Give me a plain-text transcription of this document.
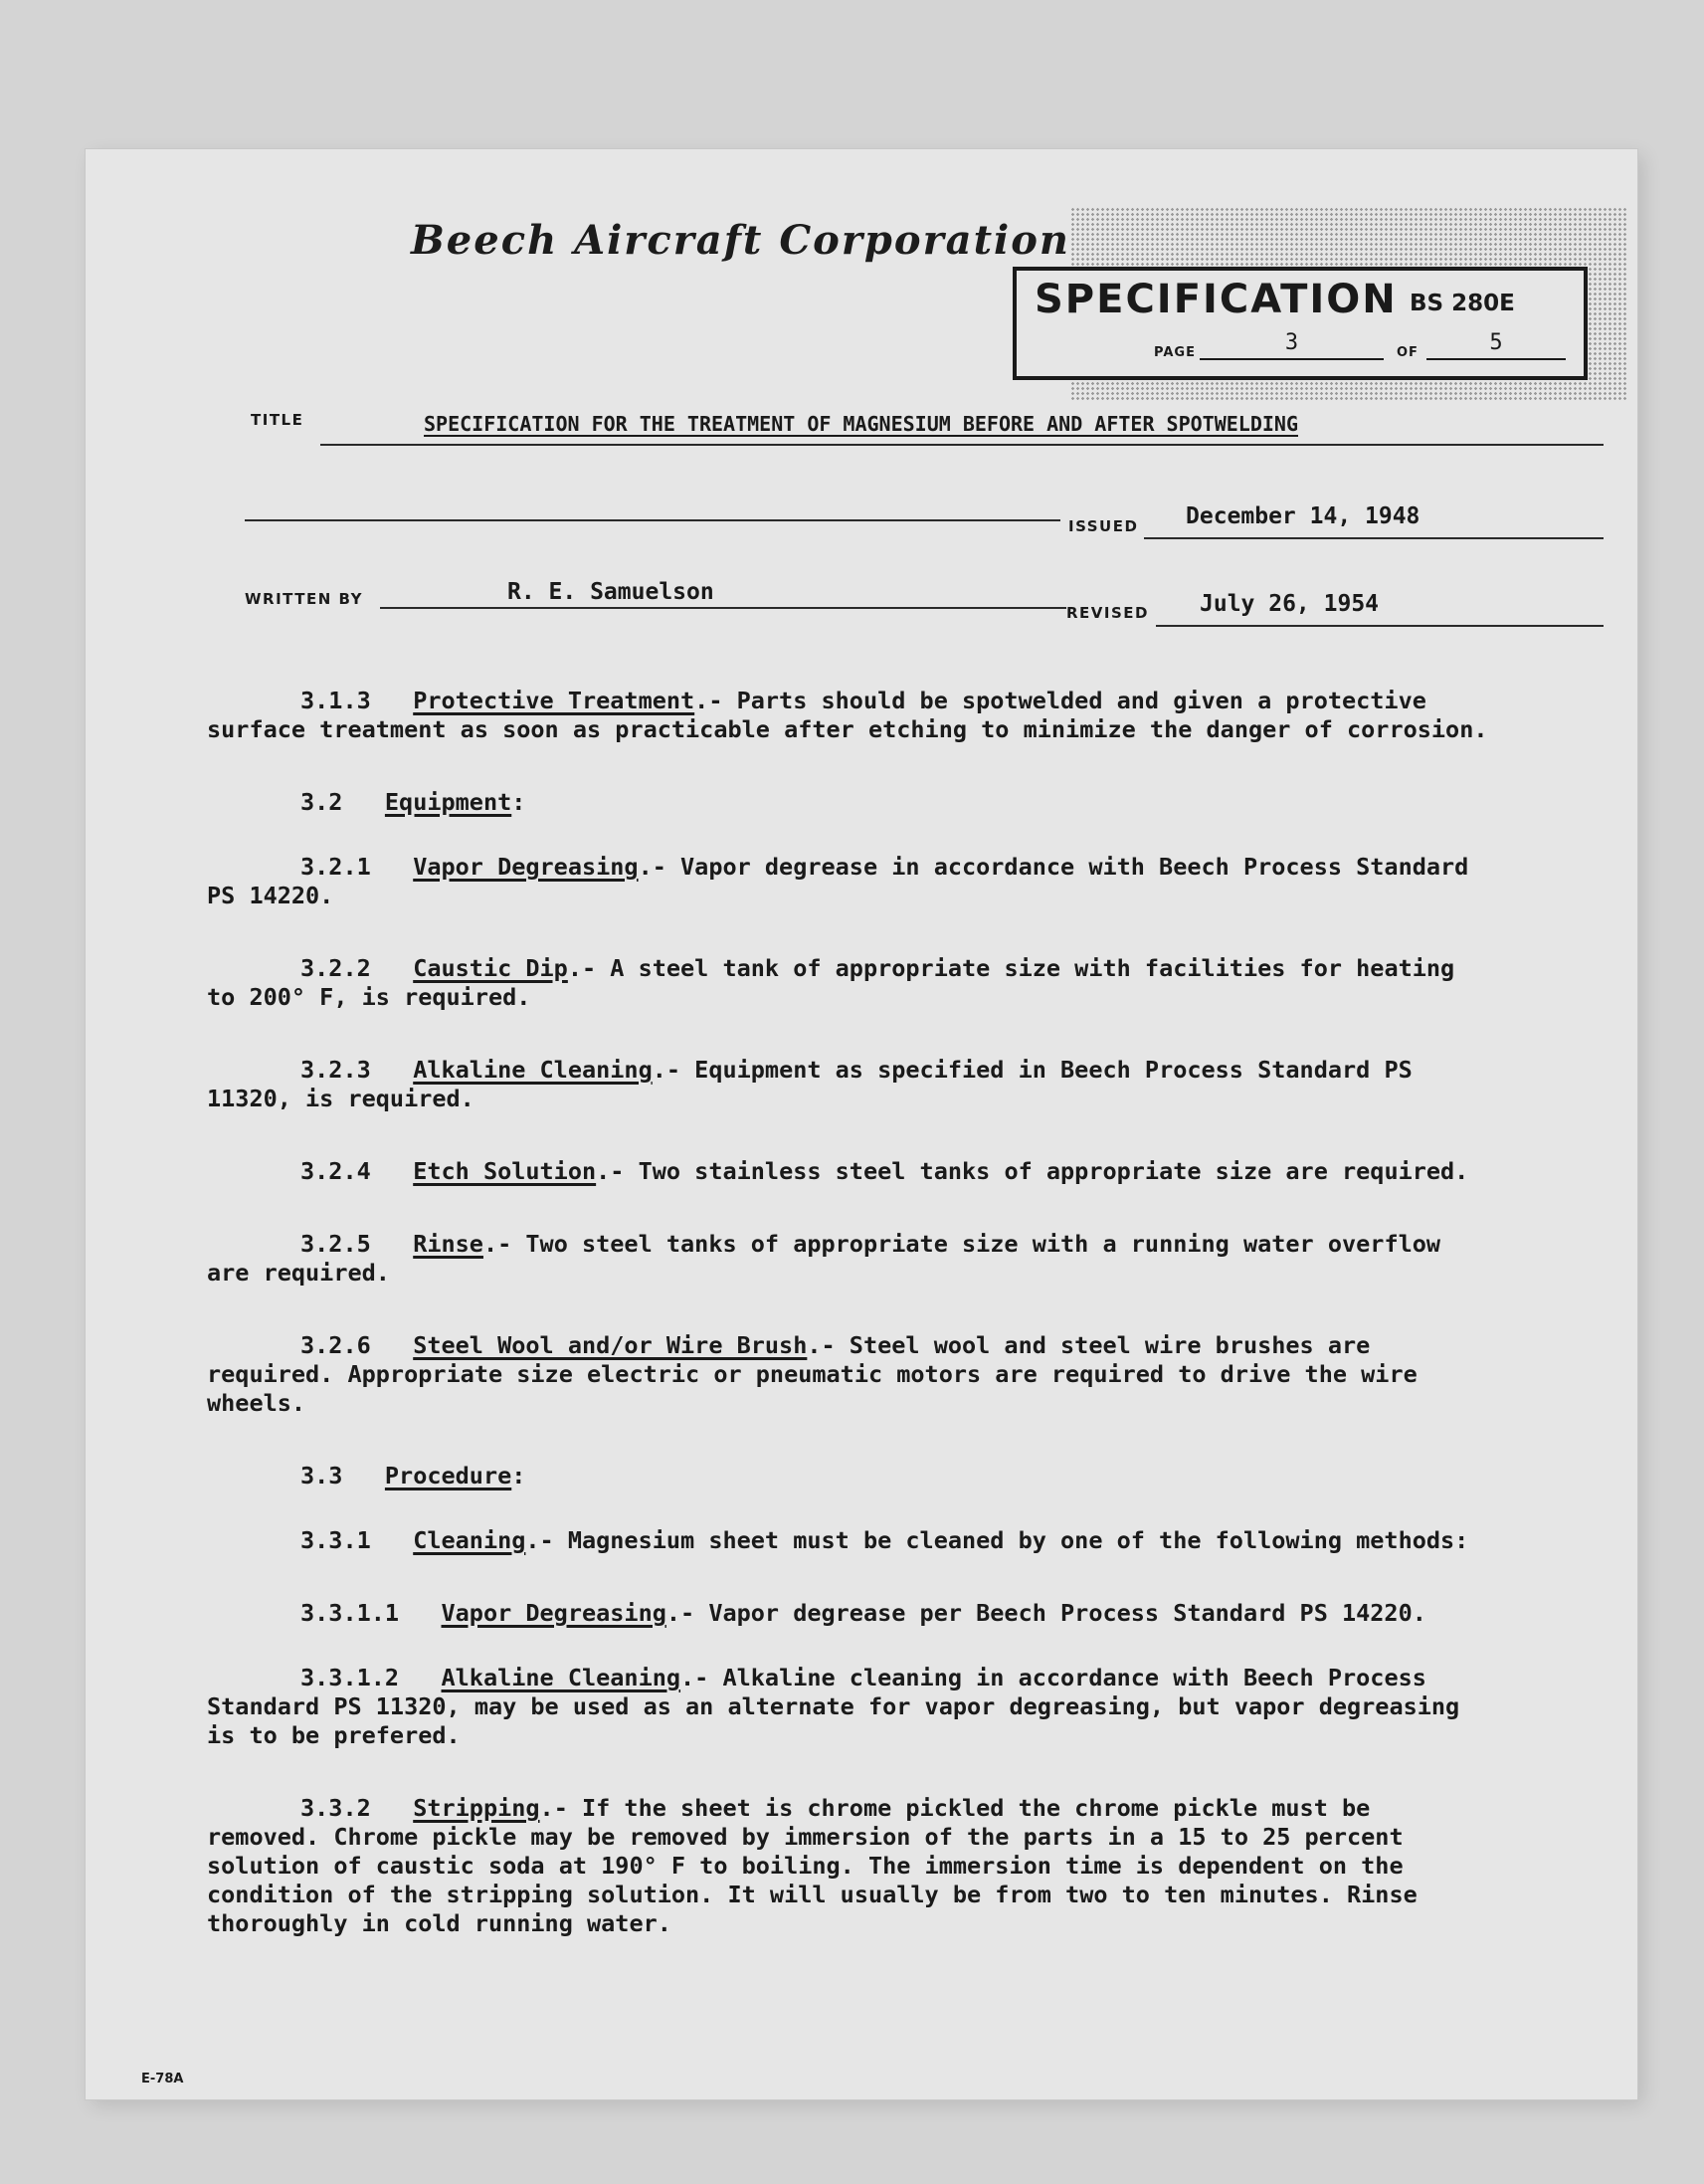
Beech Aircraft Corporation
SPECIFICATION BS 280E
PAGE	3	OF	5
TITLE	SPECIFICATION FOR THE TREATMENT OF MAGNESIUM BEFORE AND AFTER SPOTWELDING
ISSUED December 14, 1948
WRITTEN BY	R. E. Samuelson
REVISED July 26, 1954

3.1.3 Protective Treatment.- Parts should be spotwelded and given a protective surface treatment as soon as practicable after etching to minimize the danger of corrosion.

3.2 Equipment:

3.2.1 Vapor Degreasing.- Vapor degrease in accordance with Beech Process Standard PS 14220.

3.2.2 Caustic Dip.- A steel tank of appropriate size with facilities for heating to 200° F, is required.

3.2.3 Alkaline Cleaning.- Equipment as specified in Beech Process Standard PS 11320, is required.

3.2.4 Etch Solution.- Two stainless steel tanks of appropriate size are required.

3.2.5 Rinse.- Two steel tanks of appropriate size with a running water overflow are required.

3.2.6 Steel Wool and/or Wire Brush.- Steel wool and steel wire brushes are required. Appropriate size electric or pneumatic motors are required to drive the wire wheels.

3.3 Procedure:

3.3.1 Cleaning.- Magnesium sheet must be cleaned by one of the following methods:

3.3.1.1 Vapor Degreasing.- Vapor degrease per Beech Process Standard PS 14220.

3.3.1.2 Alkaline Cleaning.- Alkaline cleaning in accordance with Beech Process Standard PS 11320, may be used as an alternate for vapor degreasing, but vapor degreasing is to be prefered.

3.3.2 Stripping.- If the sheet is chrome pickled the chrome pickle must be removed. Chrome pickle may be removed by immersion of the parts in a 15 to 25 percent solution of caustic soda at 190° F to boiling. The immersion time is dependent on the condition of the stripping solution. It will usually be from two to ten minutes. Rinse thoroughly in cold running water.

E-78A
